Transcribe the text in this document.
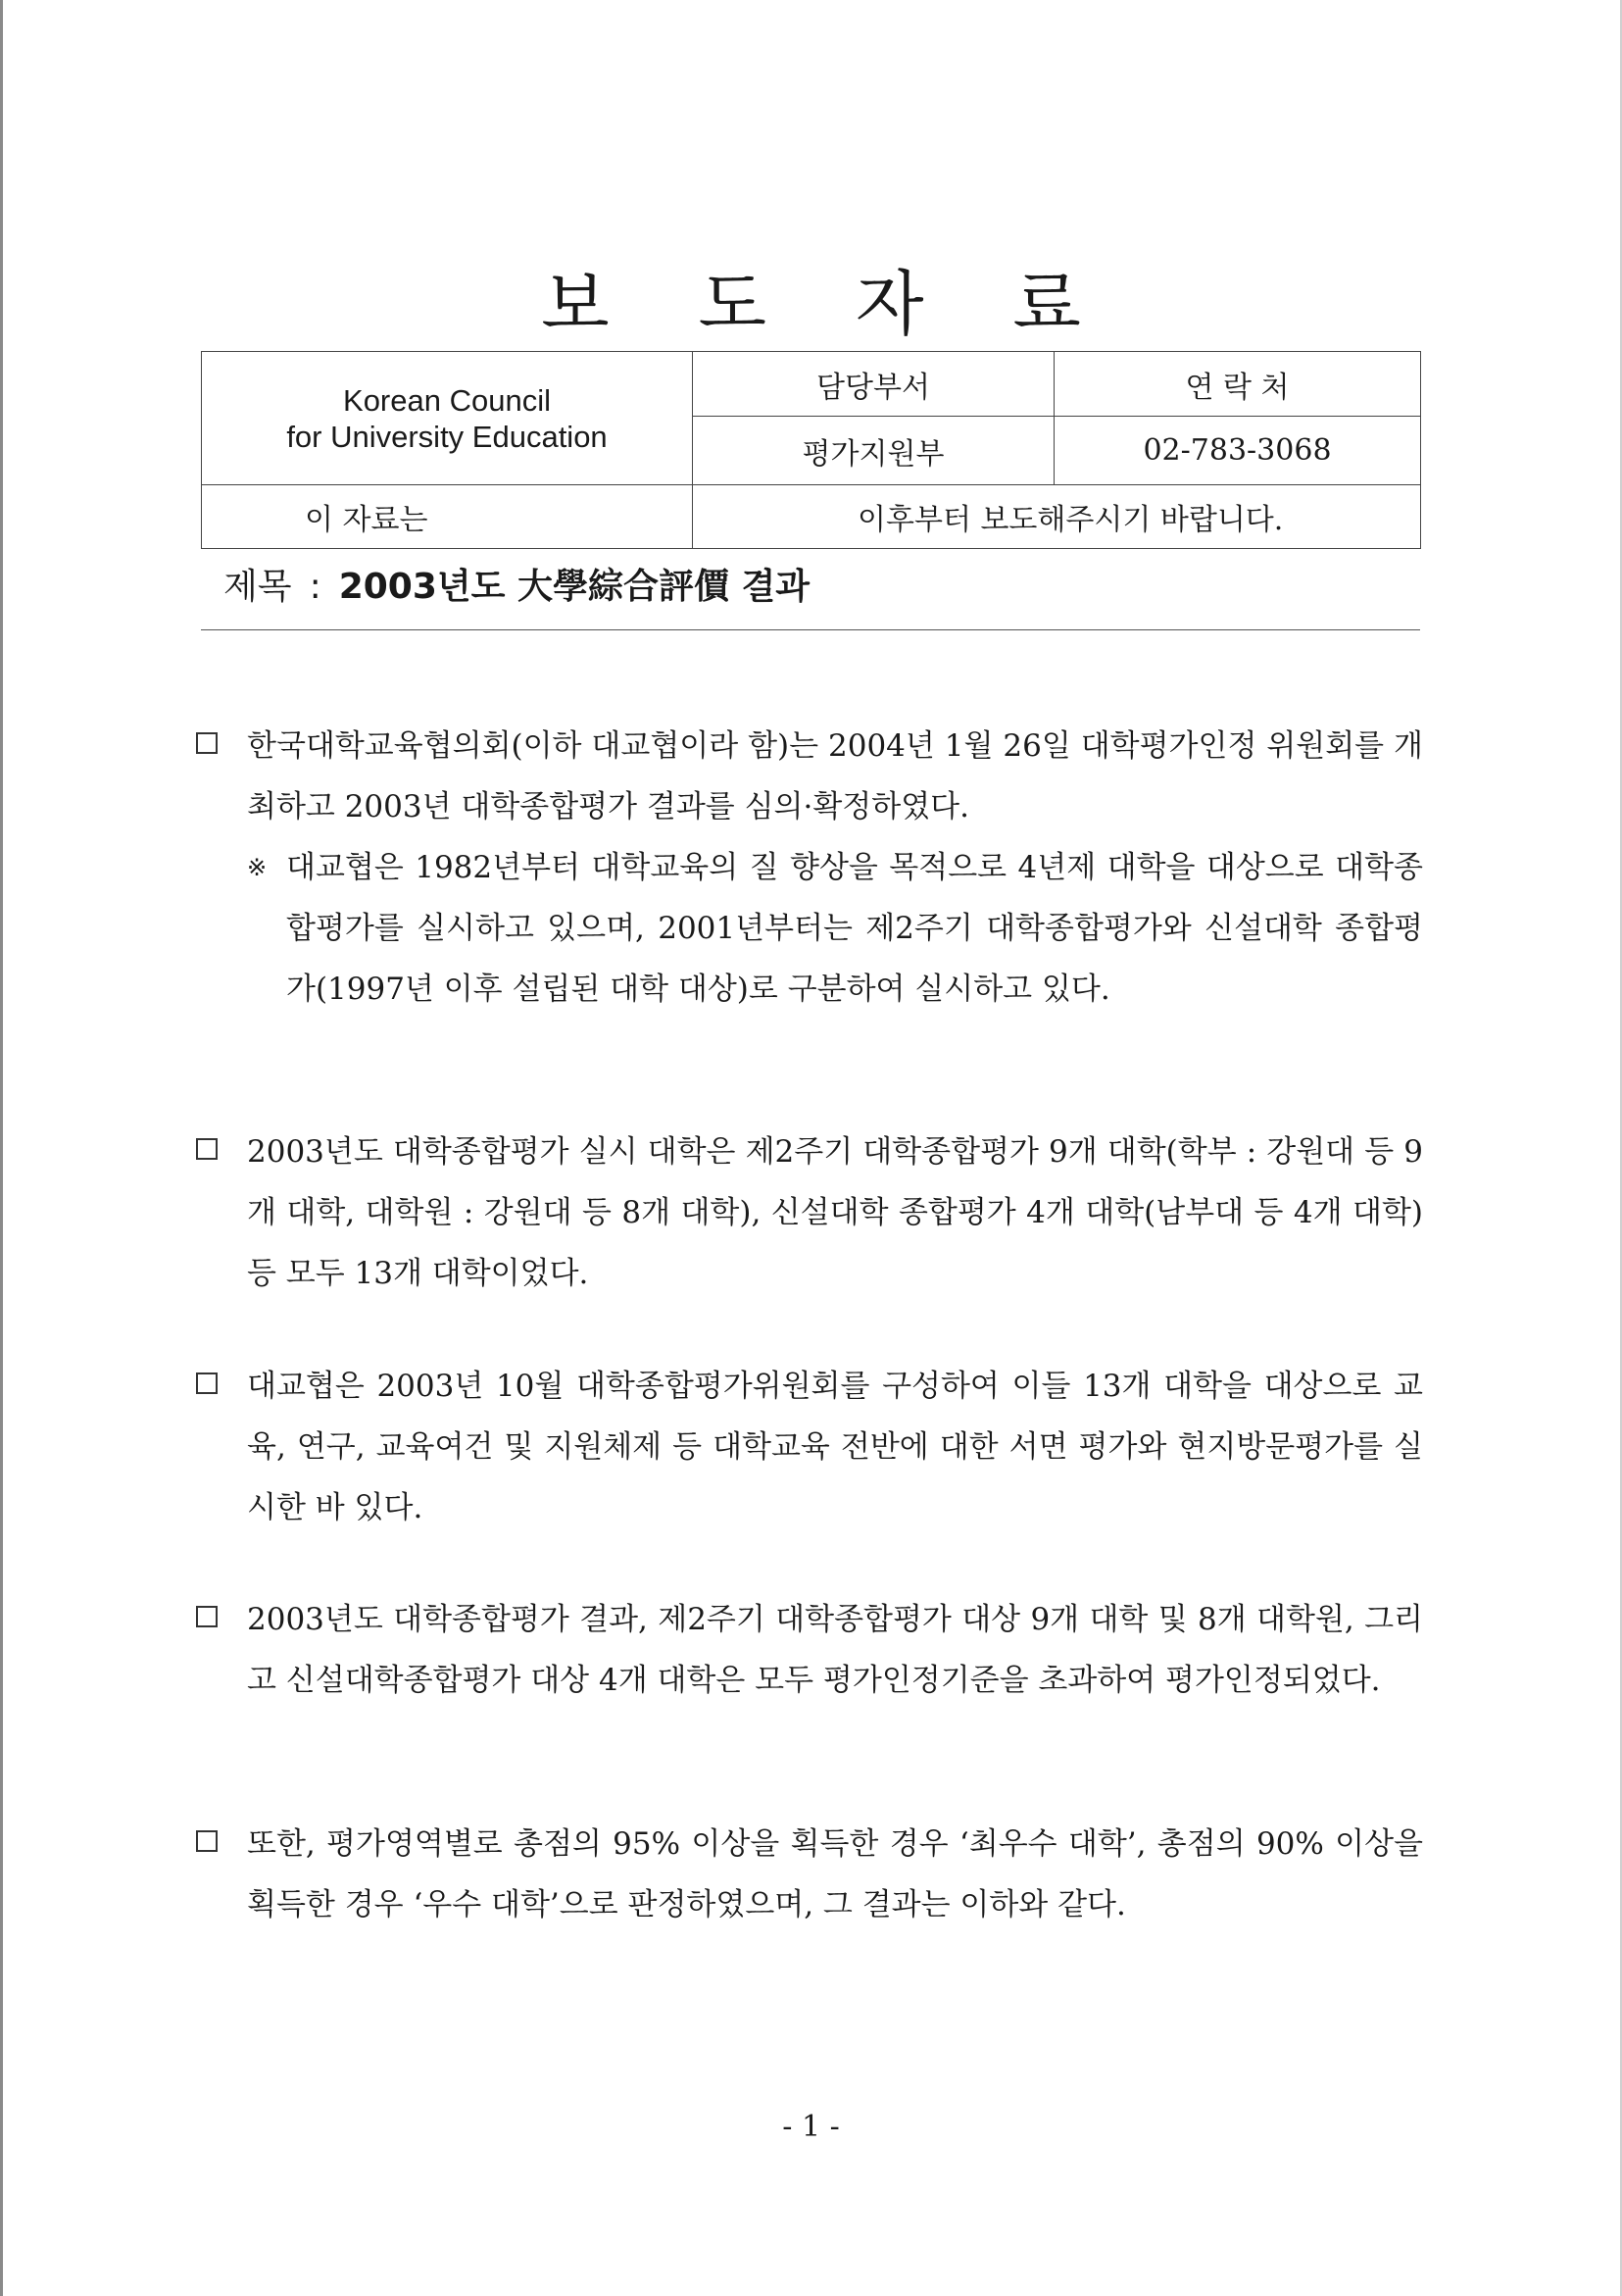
보 도 자 료
Korean Council
for University Education	담당부서	연 락 처
	평가지원부	02-783-3068
이 자료는	이후부터 보도해주시기 바랍니다.	
제목 : 2003년도 大學綜合評價 결과
한국대학교육협의회(이하 대교협이라 함)는 2004년 1월 26일 대학평가인정 위원회를 개최하고 2003년 대학종합평가 결과를 심의·확정하였다.
※ 대교협은 1982년부터 대학교육의 질 향상을 목적으로 4년제 대학을 대상으로 대학종합평가를 실시하고 있으며, 2001년부터는 제2주기 대학종합평가와 신설대학 종합평가(1997년 이후 설립된 대학 대상)로 구분하여 실시하고 있다.
2003년도 대학종합평가 실시 대학은 제2주기 대학종합평가 9개 대학(학부 : 강원대 등 9개 대학, 대학원 : 강원대 등 8개 대학), 신설대학 종합평가 4개 대학(남부대 등 4개 대학) 등 모두 13개 대학이었다.
대교협은 2003년 10월 대학종합평가위원회를 구성하여 이들 13개 대학을 대상으로 교육, 연구, 교육여건 및 지원체제 등 대학교육 전반에 대한 서면 평가와 현지방문평가를 실시한 바 있다.
2003년도 대학종합평가 결과, 제2주기 대학종합평가 대상 9개 대학 및 8개 대학원, 그리고 신설대학종합평가 대상 4개 대학은 모두 평가인정기준을 초과하여 평가인정되었다.
또한, 평가영역별로 총점의 95% 이상을 획득한 경우 ‘최우수 대학’, 총점의 90% 이상을 획득한 경우 ‘우수 대학’으로 판정하였으며, 그 결과는 이하와 같다.
- 1 -
